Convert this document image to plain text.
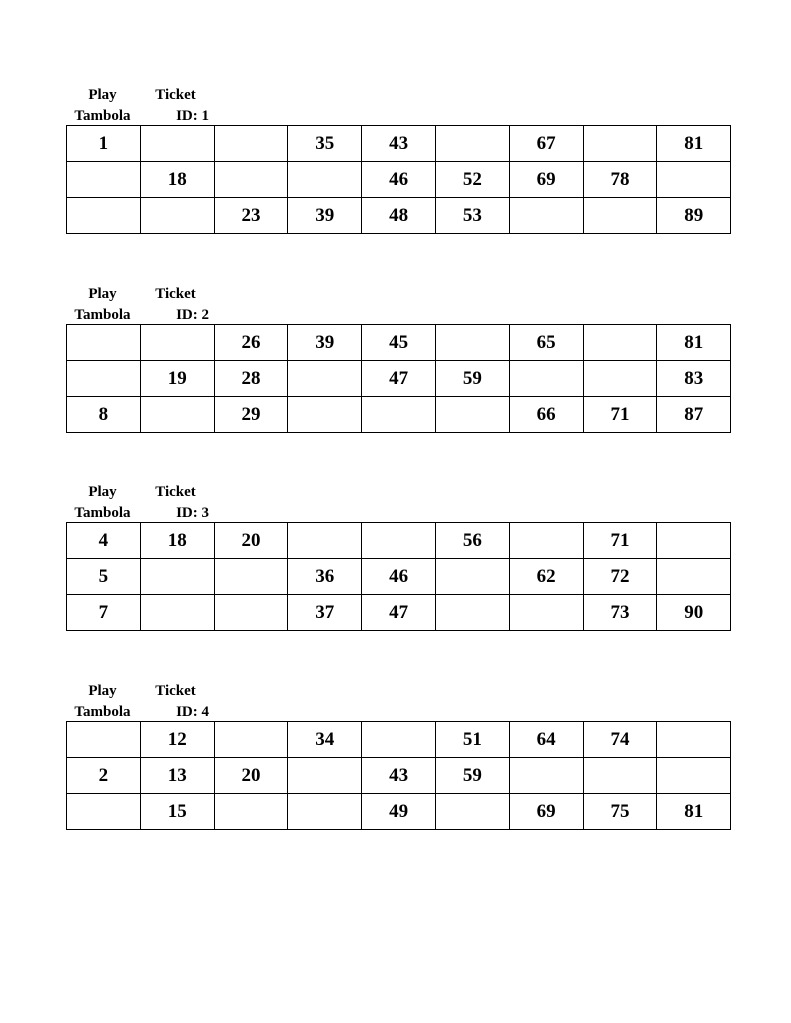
Play
Tambola
Ticket
ID: 1
1			35	43		67		81
	18			46	52	69	78	
		23	39	48	53			89
Play
Tambola
Ticket
ID: 2
		26	39	45		65		81
	19	28		47	59			83
8		29				66	71	87
Play
Tambola
Ticket
ID: 3
4	18	20			56		71	
5			36	46		62	72	
7			37	47			73	90
Play
Tambola
Ticket
ID: 4
	12		34		51	64	74	
2	13	20		43	59			
	15			49		69	75	81
